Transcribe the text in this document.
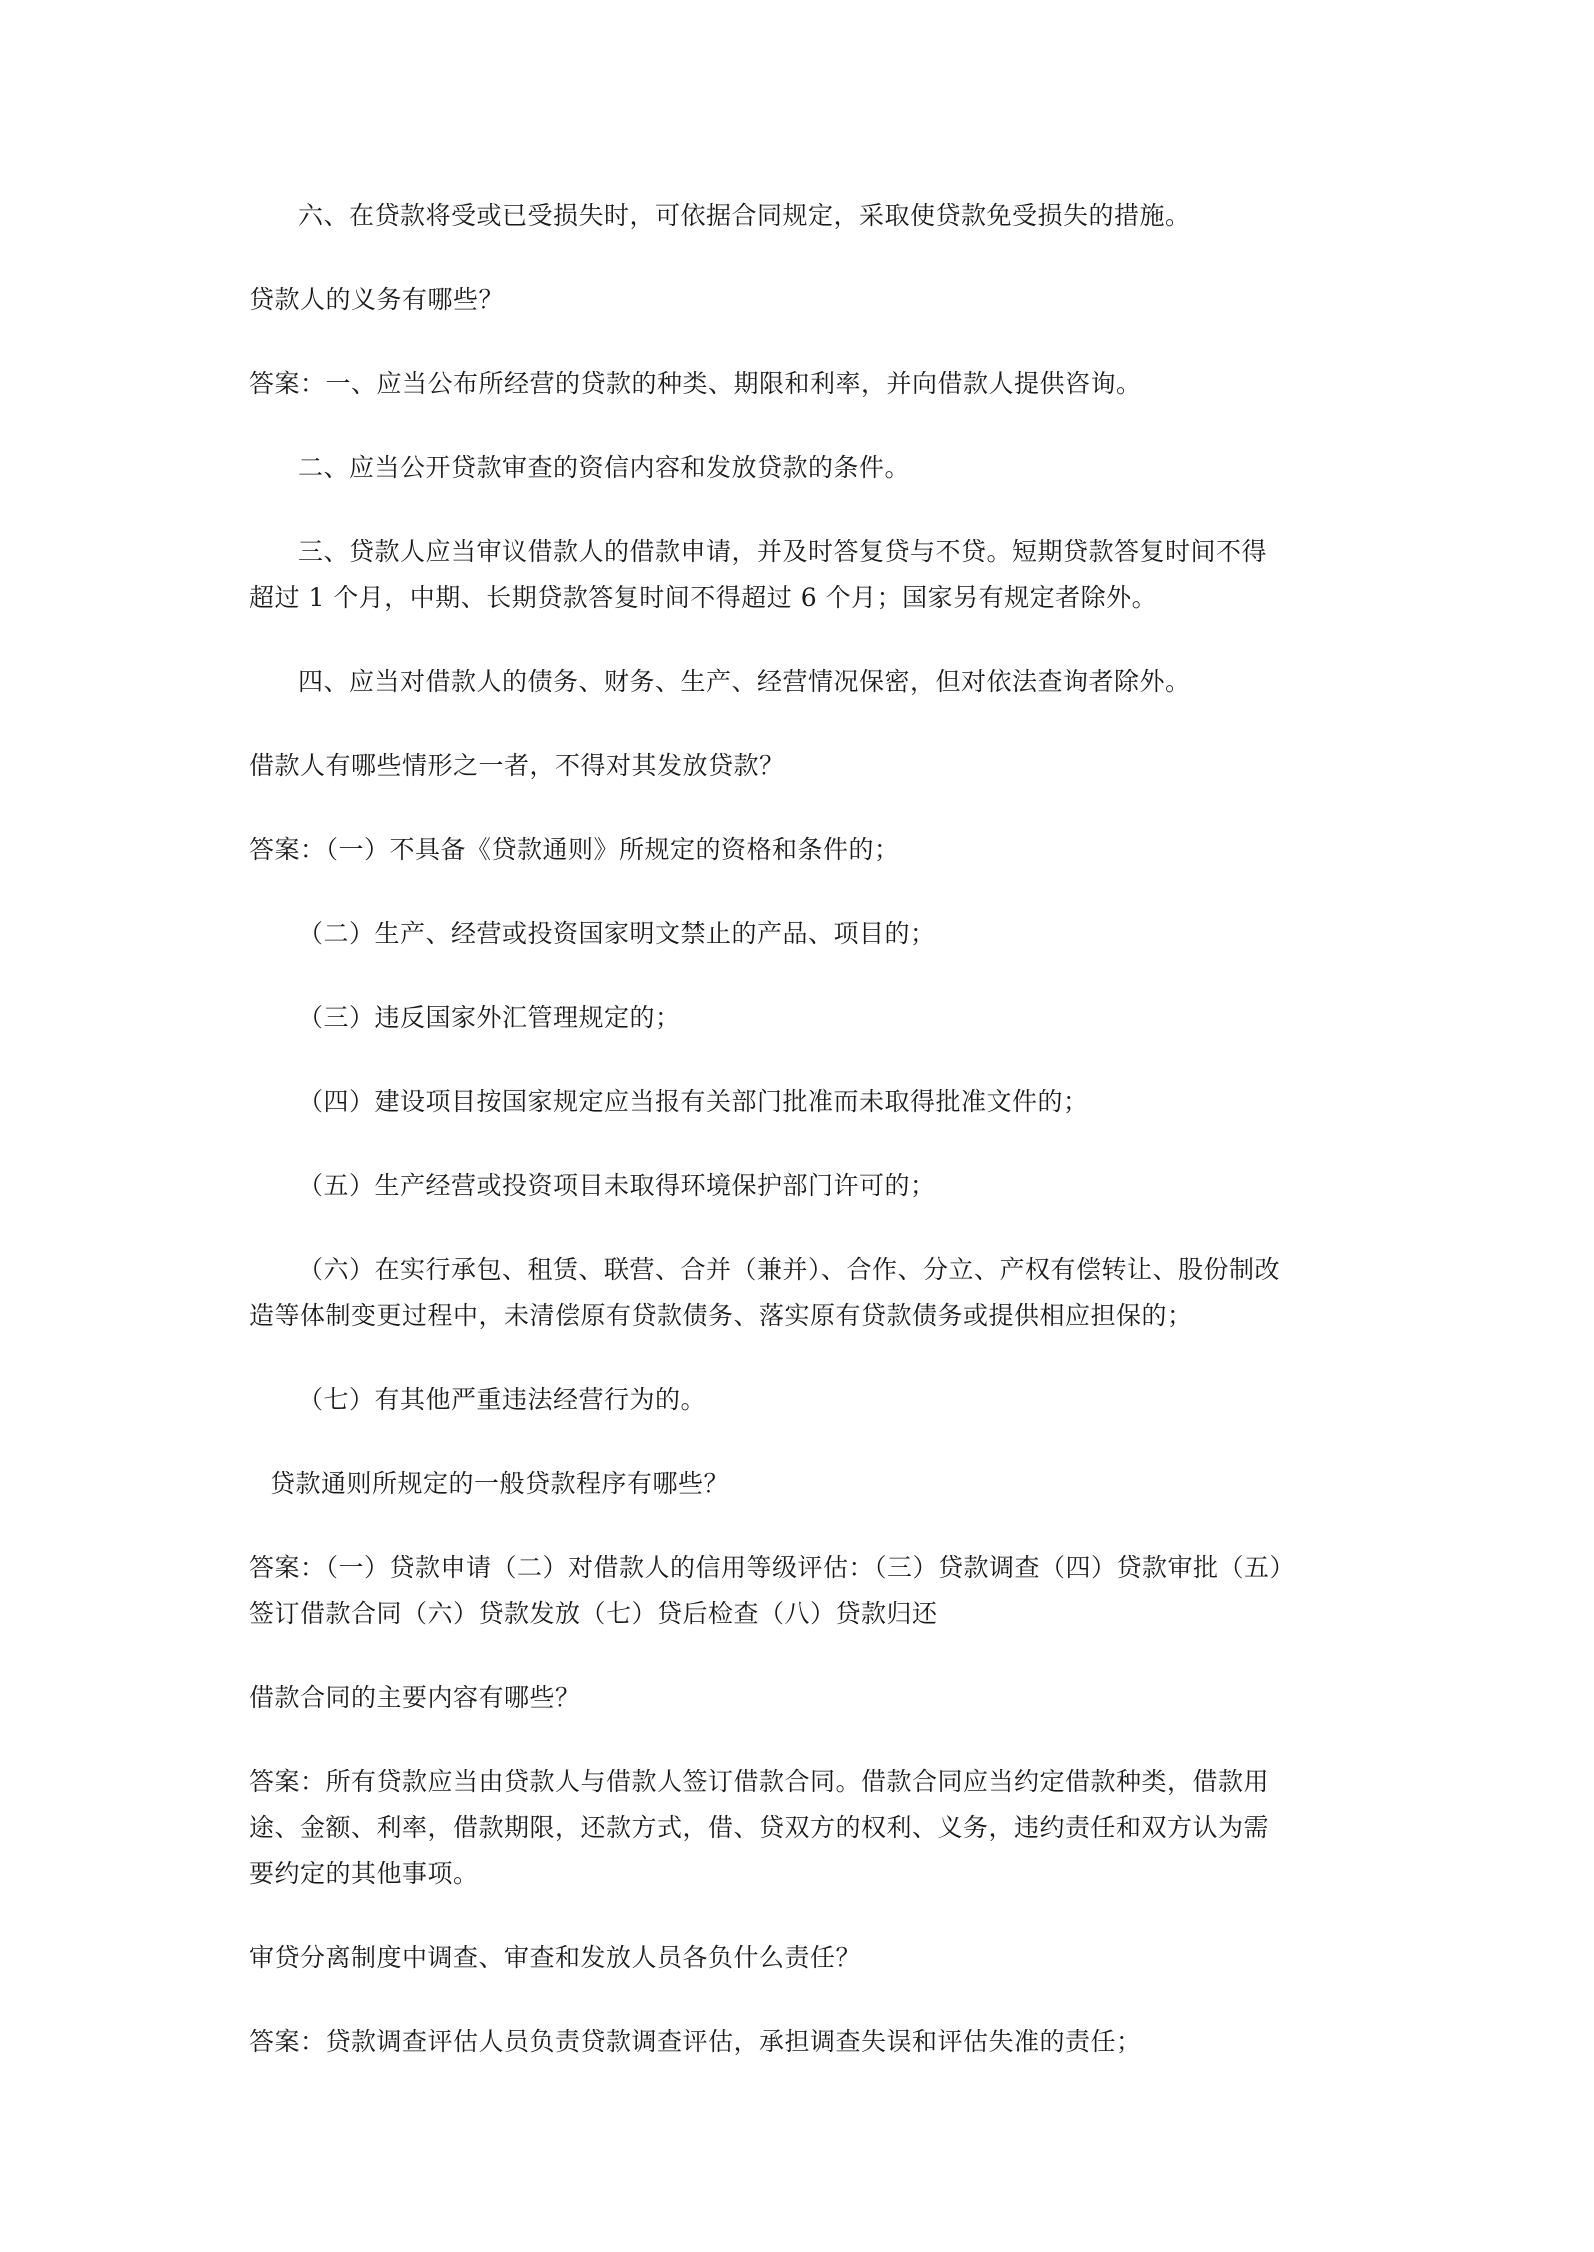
六、在贷款将受或已受损失时，可依据合同规定，采取使贷款免受损失的措施。
贷款人的义务有哪些？
答案：一、应当公布所经营的贷款的种类、期限和利率，并向借款人提供咨询。
二、应当公开贷款审查的资信内容和发放贷款的条件。
三、贷款人应当审议借款人的借款申请，并及时答复贷与不贷。短期贷款答复时间不得
超过 1 个月，中期、长期贷款答复时间不得超过 6 个月；国家另有规定者除外。
四、应当对借款人的债务、财务、生产、经营情况保密，但对依法查询者除外。
借款人有哪些情形之一者，不得对其发放贷款？
答案：（一）不具备《贷款通则》所规定的资格和条件的；
（二）生产、经营或投资国家明文禁止的产品、项目的；
（三）违反国家外汇管理规定的；
（四）建设项目按国家规定应当报有关部门批准而未取得批准文件的；
（五）生产经营或投资项目未取得环境保护部门许可的；
（六）在实行承包、租赁、联营、合并（兼并）、合作、分立、产权有偿转让、股份制改
造等体制变更过程中，未清偿原有贷款债务、落实原有贷款债务或提供相应担保的；
（七）有其他严重违法经营行为的。
贷款通则所规定的一般贷款程序有哪些？
答案：（一）贷款申请（二）对借款人的信用等级评估：（三）贷款调查（四）贷款审批（五）
签订借款合同（六）贷款发放（七）贷后检查（八）贷款归还
借款合同的主要内容有哪些？
答案：所有贷款应当由贷款人与借款人签订借款合同。借款合同应当约定借款种类，借款用
途、金额、利率，借款期限，还款方式，借、贷双方的权利、义务，违约责任和双方认为需
要约定的其他事项。
审贷分离制度中调查、审查和发放人员各负什么责任？
答案：贷款调查评估人员负责贷款调查评估，承担调查失误和评估失准的责任；
